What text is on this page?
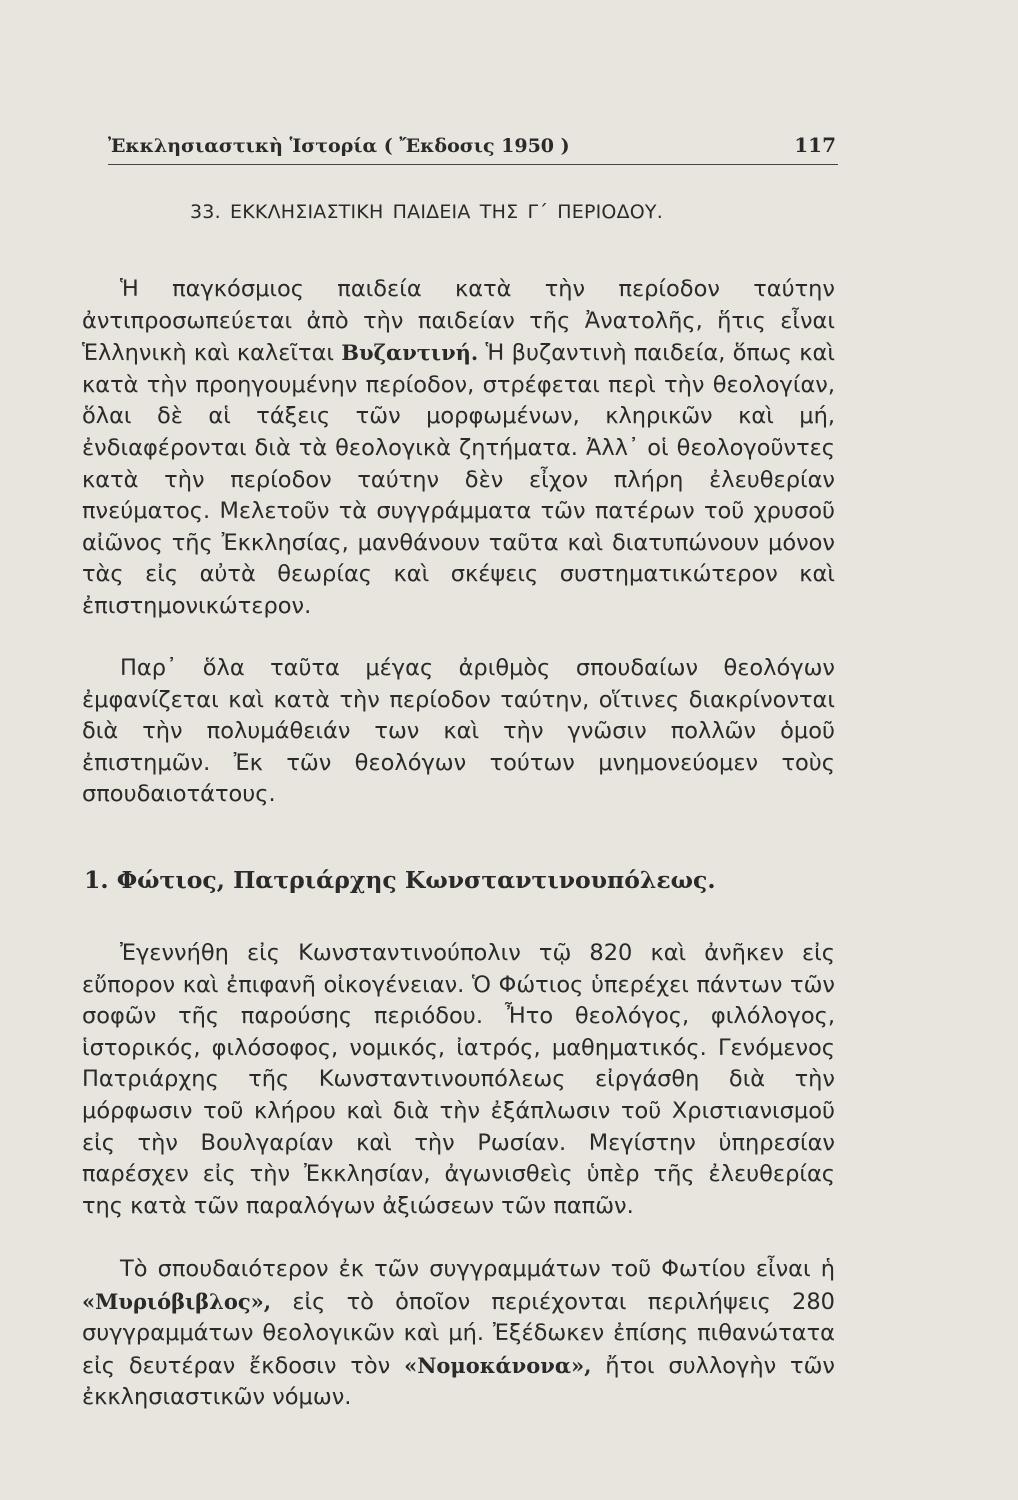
Ἐκκλησιαστικὴ Ἱστορία ( Ἔκδοσις 1950 )	117
33. ΕΚΚΛΗΣΙΑΣΤΙΚΗ ΠΑΙΔΕΙΑ ΤΗΣ Γ΄ ΠΕΡΙΟΔΟΥ.

Ἡ παγκόσμιος παιδεία κατὰ τὴν περίοδον ταύτην ἀντιπροσωπεύεται ἀπὸ τὴν παιδείαν τῆς Ἀνατολῆς, ἥτις εἶναι Ἑλληνικὴ καὶ καλεῖται Βυζαντινή. Ἡ βυζαντινὴ παιδεία, ὅπως καὶ κατὰ τὴν προηγουμένην περίοδον, στρέφεται περὶ τὴν θεολογίαν, ὅλαι δὲ αἱ τάξεις τῶν μορφωμένων, κληρικῶν καὶ μή, ἐνδιαφέρονται διὰ τὰ θεολογικὰ ζητήματα. Ἀλλ᾽ οἱ θεολογοῦντες κατὰ τὴν περίοδον ταύτην δὲν εἶχον πλήρη ἐλευθερίαν πνεύματος. Μελετοῦν τὰ συγγράμματα τῶν πατέρων τοῦ χρυσοῦ αἰῶνος τῆς Ἐκκλησίας, μανθάνουν ταῦτα καὶ διατυπώνουν μόνον τὰς εἰς αὐτὰ θεωρίας καὶ σκέψεις συστηματικώτερον καὶ ἐπιστημονικώτερον.

Παρ᾽ ὅλα ταῦτα μέγας ἀριθμὸς σπουδαίων θεολόγων ἐμφανίζεται καὶ κατὰ τὴν περίοδον ταύτην, οἵτινες διακρίνονται διὰ τὴν πολυμάθειάν των καὶ τὴν γνῶσιν πολλῶν ὁμοῦ ἐπιστημῶν. Ἐκ τῶν θεολόγων τούτων μνημονεύομεν τοὺς σπουδαιοτάτους.

1. Φώτιος, Πατριάρχης Κωνσταντινουπόλεως.

Ἐγεννήθη εἰς Κωνσταντινούπολιν τῷ 820 καὶ ἀνῆκεν εἰς εὔπορον καὶ ἐπιφανῆ οἰκογένειαν. Ὁ Φώτιος ὑπερέχει πάντων τῶν σοφῶν τῆς παρούσης περιόδου. Ἦτο θεολόγος, φιλόλογος, ἱστορικός, φιλόσοφος, νομικός, ἰατρός, μαθηματικός. Γενόμενος Πατριάρχης τῆς Κωνσταντινουπόλεως εἰργάσθη διὰ τὴν μόρφωσιν τοῦ κλήρου καὶ διὰ τὴν ἐξάπλωσιν τοῦ Χριστιανισμοῦ εἰς τὴν Βουλγαρίαν καὶ τὴν Ρωσίαν. Μεγίστην ὑπηρεσίαν παρέσχεν εἰς τὴν Ἐκκλησίαν, ἀγωνισθεὶς ὑπὲρ τῆς ἐλευθερίας της κατὰ τῶν παραλόγων ἀξιώσεων τῶν παπῶν.

Τὸ σπουδαιότερον ἐκ τῶν συγγραμμάτων τοῦ Φωτίου εἶναι ἡ «Μυριόβιβλος», εἰς τὸ ὁποῖον περιέχονται περιλήψεις 280 συγγραμμάτων θεολογικῶν καὶ μή. Ἐξέδωκεν ἐπίσης πιθανώτατα εἰς δευτέραν ἔκδοσιν τὸν «Νομοκάνονα», ἤτοι συλλογὴν τῶν ἐκκλησιαστικῶν νόμων.
